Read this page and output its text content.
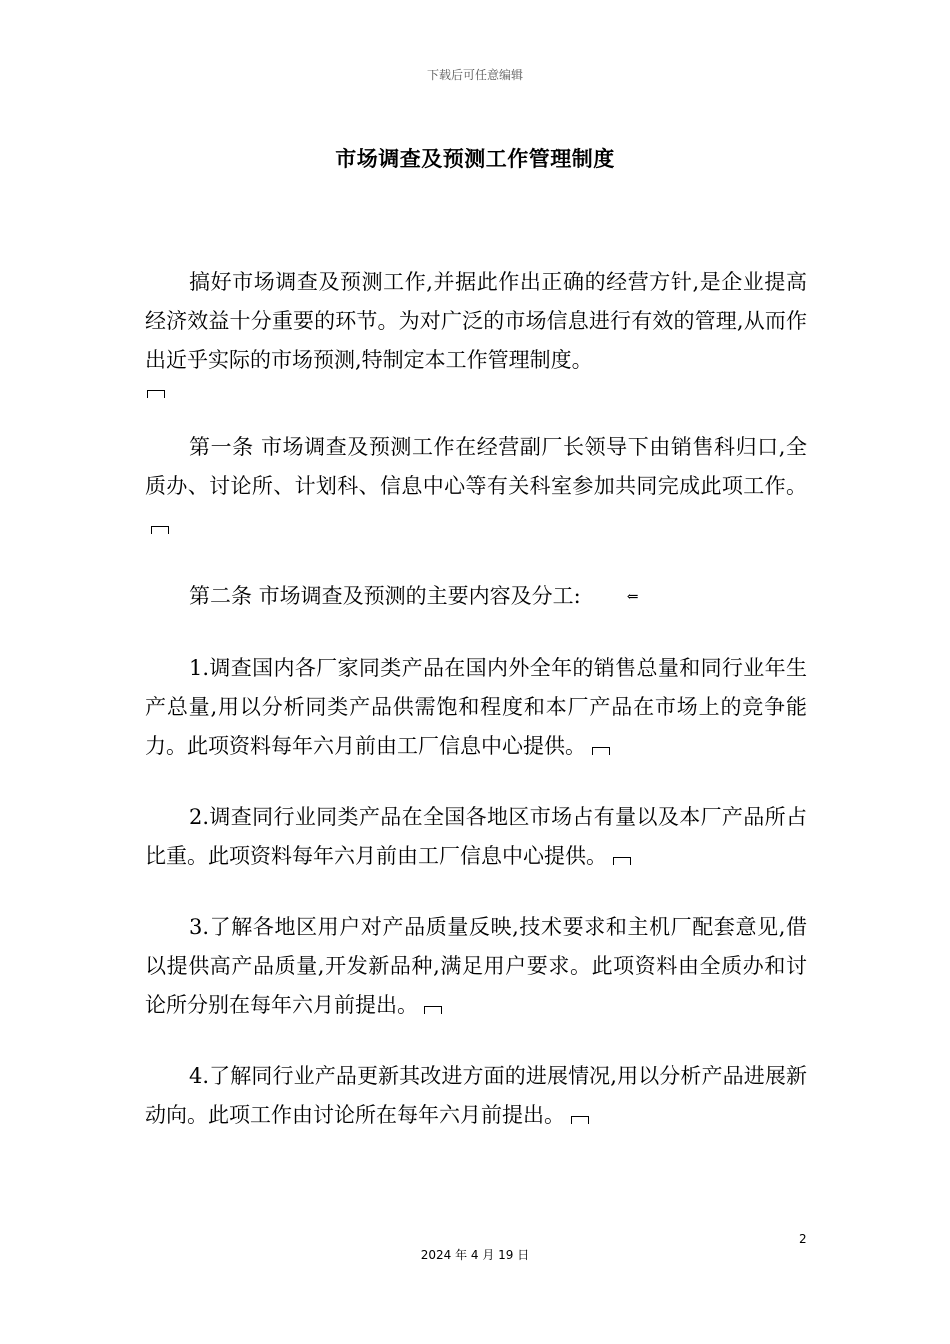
下载后可任意编辑
市场调查及预测工作管理制度

搞好市场调查及预测工作,并据此作出正确的经营方针,是企业提高经济效益十分重要的环节。为对广泛的市场信息进行有效的管理,从而作出近乎实际的市场预测,特制定本工作管理制度。

第一条 市场调查及预测工作在经营副厂长领导下由销售科归口,全质办、讨论所、计划科、信息中心等有关科室参加共同完成此项工作。

第二条 市场调查及预测的主要内容及分工:	⇐

1.调查国内各厂家同类产品在国内外全年的销售总量和同行业年生产总量,用以分析同类产品供需饱和程度和本厂产品在市场上的竞争能力。此项资料每年六月前由工厂信息中心提供。

2.调查同行业同类产品在全国各地区市场占有量以及本厂产品所占比重。此项资料每年六月前由工厂信息中心提供。

3.了解各地区用户对产品质量反映,技术要求和主机厂配套意见,借以提供高产品质量,开发新品种,满足用户要求。此项资料由全质办和讨论所分别在每年六月前提出。

4.了解同行业产品更新其改进方面的进展情况,用以分析产品进展新动向。此项工作由讨论所在每年六月前提出。

2
2024 年 4 月 19 日
